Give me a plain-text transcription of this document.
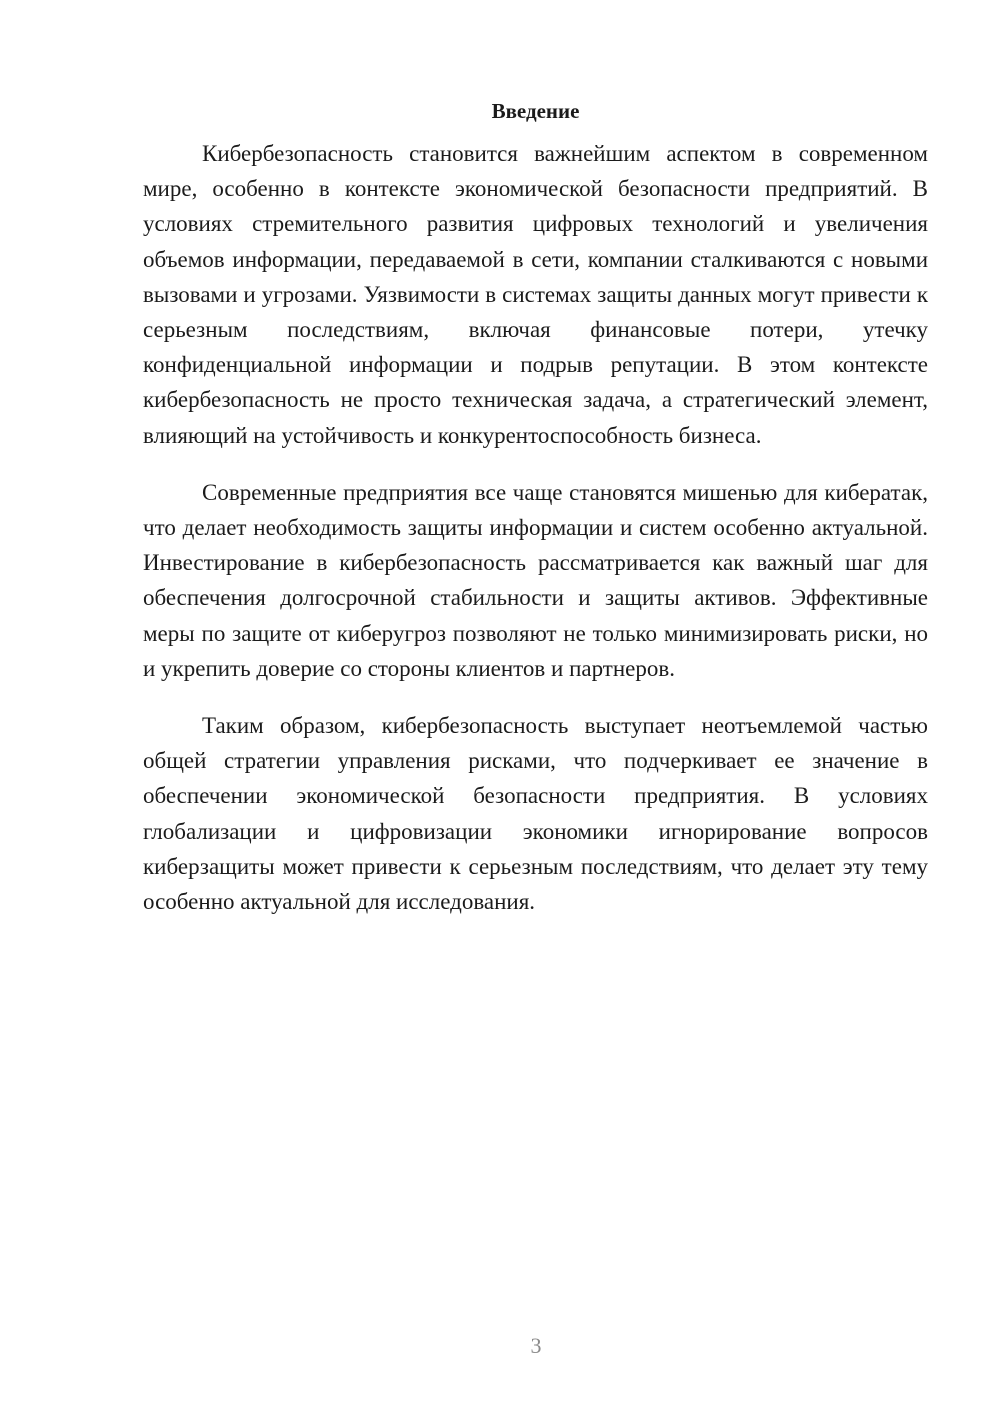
Введение

Кибербезопасность становится важнейшим аспектом в современном мире, особенно в контексте экономической безопасности предприятий. В условиях стремительного развития цифровых технологий и увеличения объемов информации, передаваемой в сети, компании сталкиваются с новыми вызовами и угрозами. Уязвимости в системах защиты данных могут привести к серьезным последствиям, включая финансовые потери, утечку конфиденциальной информации и подрыв репутации. В этом контексте кибербезопасность не просто техническая задача, а стратегический элемент, влияющий на устойчивость и конкурентоспособность бизнеса.

Современные предприятия все чаще становятся мишенью для кибератак, что делает необходимость защиты информации и систем особенно актуальной. Инвестирование в кибербезопасность рассматривается как важный шаг для обеспечения долгосрочной стабильности и защиты активов. Эффективные меры по защите от киберугроз позволяют не только минимизировать риски, но и укрепить доверие со стороны клиентов и партнеров.

Таким образом, кибербезопасность выступает неотъемлемой частью общей стратегии управления рисками, что подчеркивает ее значение в обеспечении экономической безопасности предприятия. В условиях глобализации и цифровизации экономики игнорирование вопросов киберзащиты может привести к серьезным последствиям, что делает эту тему особенно актуальной для исследования.

3
